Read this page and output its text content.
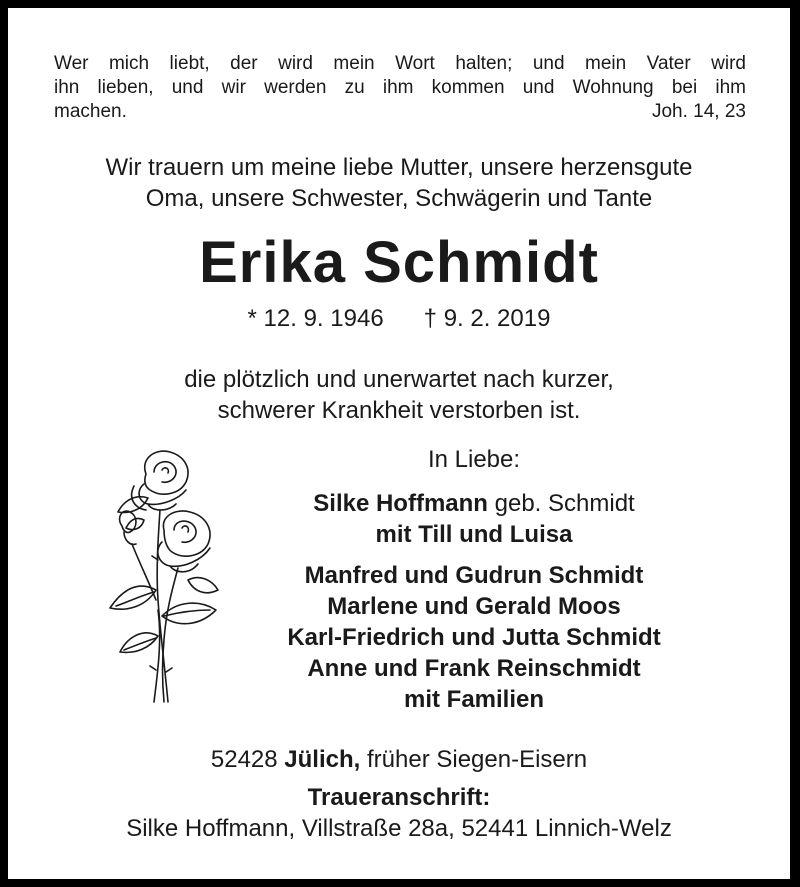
Wer mich liebt, der wird mein Wort halten; und mein Vater wird
ihn lieben, und wir werden zu ihm kommen und Wohnung bei ihm
machen.	Joh. 14, 23
Wir trauern um meine liebe Mutter, unsere herzensgute
Oma, unsere Schwester, Schwägerin und Tante
Erika Schmidt
* 12. 9. 1946 † 9. 2. 2019
die plötzlich und unerwartet nach kurzer,
schwerer Krankheit verstorben ist.
In Liebe:
Silke Hoffmann geb. Schmidt
mit Till und Luisa
Manfred und Gudrun Schmidt
Marlene und Gerald Moos
Karl-Friedrich und Jutta Schmidt
Anne und Frank Reinschmidt
mit Familien
52428 Jülich, früher Siegen-Eisern
Traueranschrift:
Silke Hoffmann, Villstraße 28a, 52441 Linnich-Welz
